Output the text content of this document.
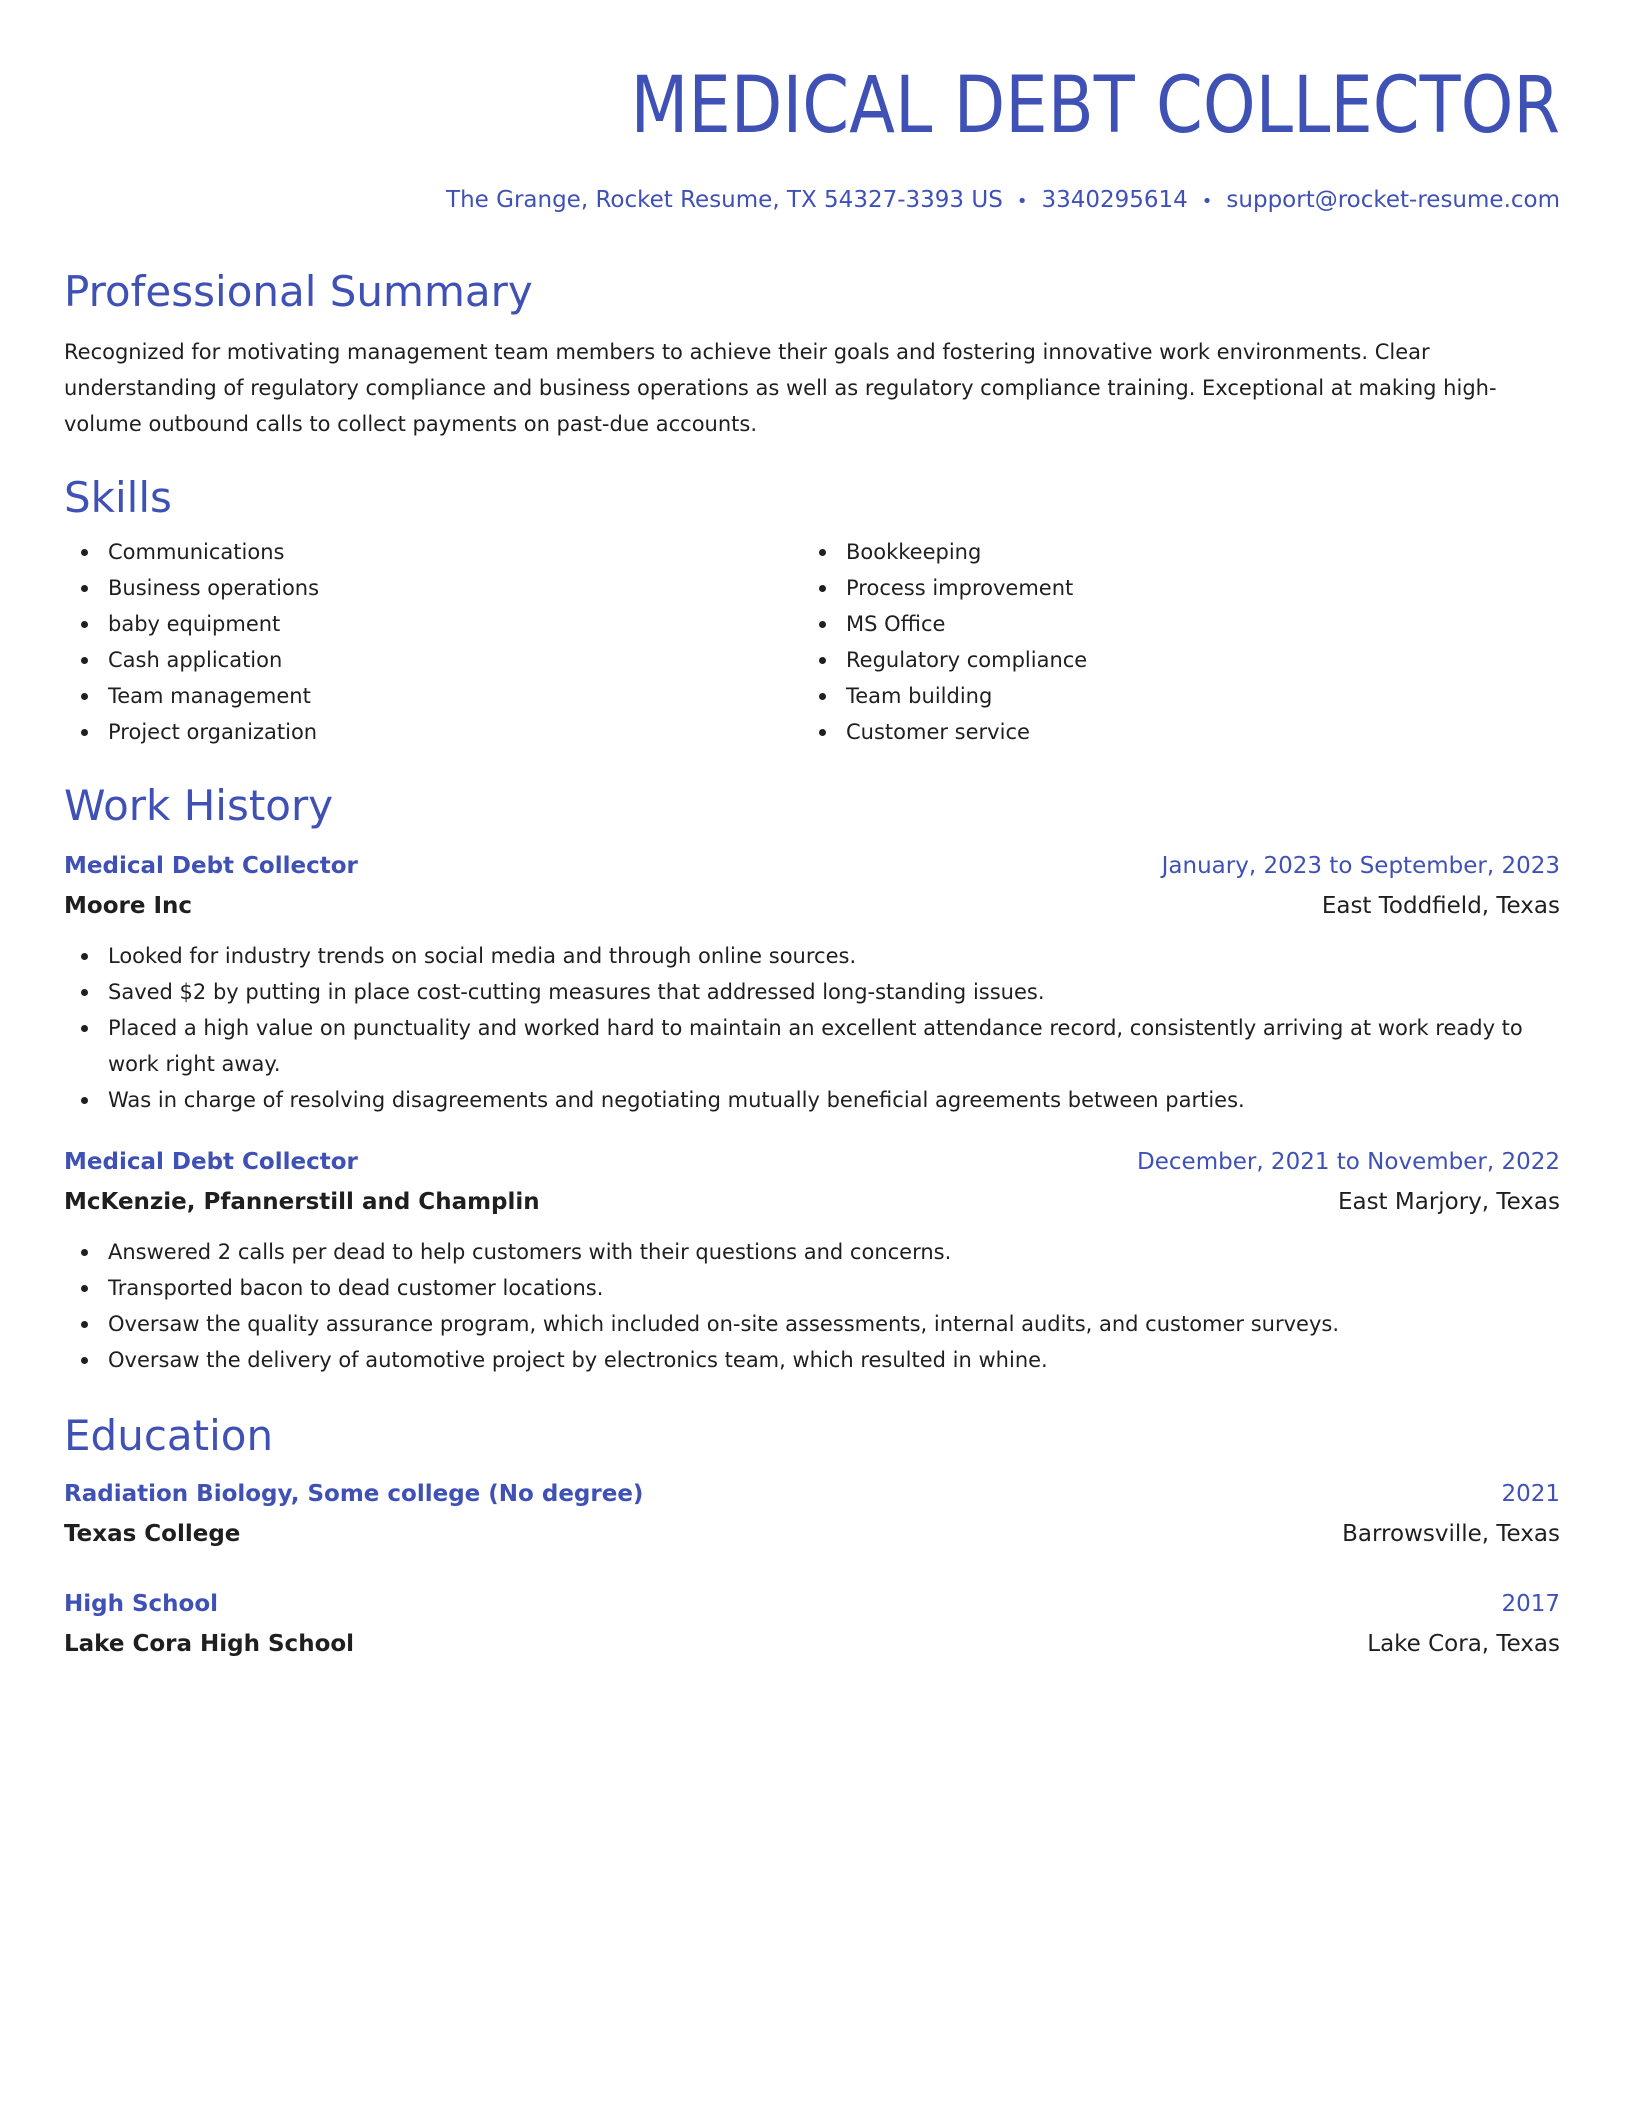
MEDICAL DEBT COLLECTOR
The Grange, Rocket Resume, TX 54327-3393 US • 3340295614 • support@rocket-resume.com
Professional Summary
Recognized for motivating management team members to achieve their goals and fostering innovative work environments. Clear understanding of regulatory compliance and business operations as well as regulatory compliance training. Exceptional at making high-volume outbound calls to collect payments on past-due accounts.
Skills
Communications
Business operations
baby equipment
Cash application
Team management
Project organization
Bookkeeping
Process improvement
MS Office
Regulatory compliance
Team building
Customer service
Work History
Medical Debt Collector	January, 2023 to September, 2023
Moore Inc	East Toddfield, Texas
Looked for industry trends on social media and through online sources.
Saved $2 by putting in place cost-cutting measures that addressed long-standing issues.
Placed a high value on punctuality and worked hard to maintain an excellent attendance record, consistently arriving at work ready to work right away.
Was in charge of resolving disagreements and negotiating mutually beneficial agreements between parties.
Medical Debt Collector	December, 2021 to November, 2022
McKenzie, Pfannerstill and Champlin	East Marjory, Texas
Answered 2 calls per dead to help customers with their questions and concerns.
Transported bacon to dead customer locations.
Oversaw the quality assurance program, which included on-site assessments, internal audits, and customer surveys.
Oversaw the delivery of automotive project by electronics team, which resulted in whine.
Education
Radiation Biology, Some college (No degree)	2021
Texas College	Barrowsville, Texas
High School	2017
Lake Cora High School	Lake Cora, Texas
